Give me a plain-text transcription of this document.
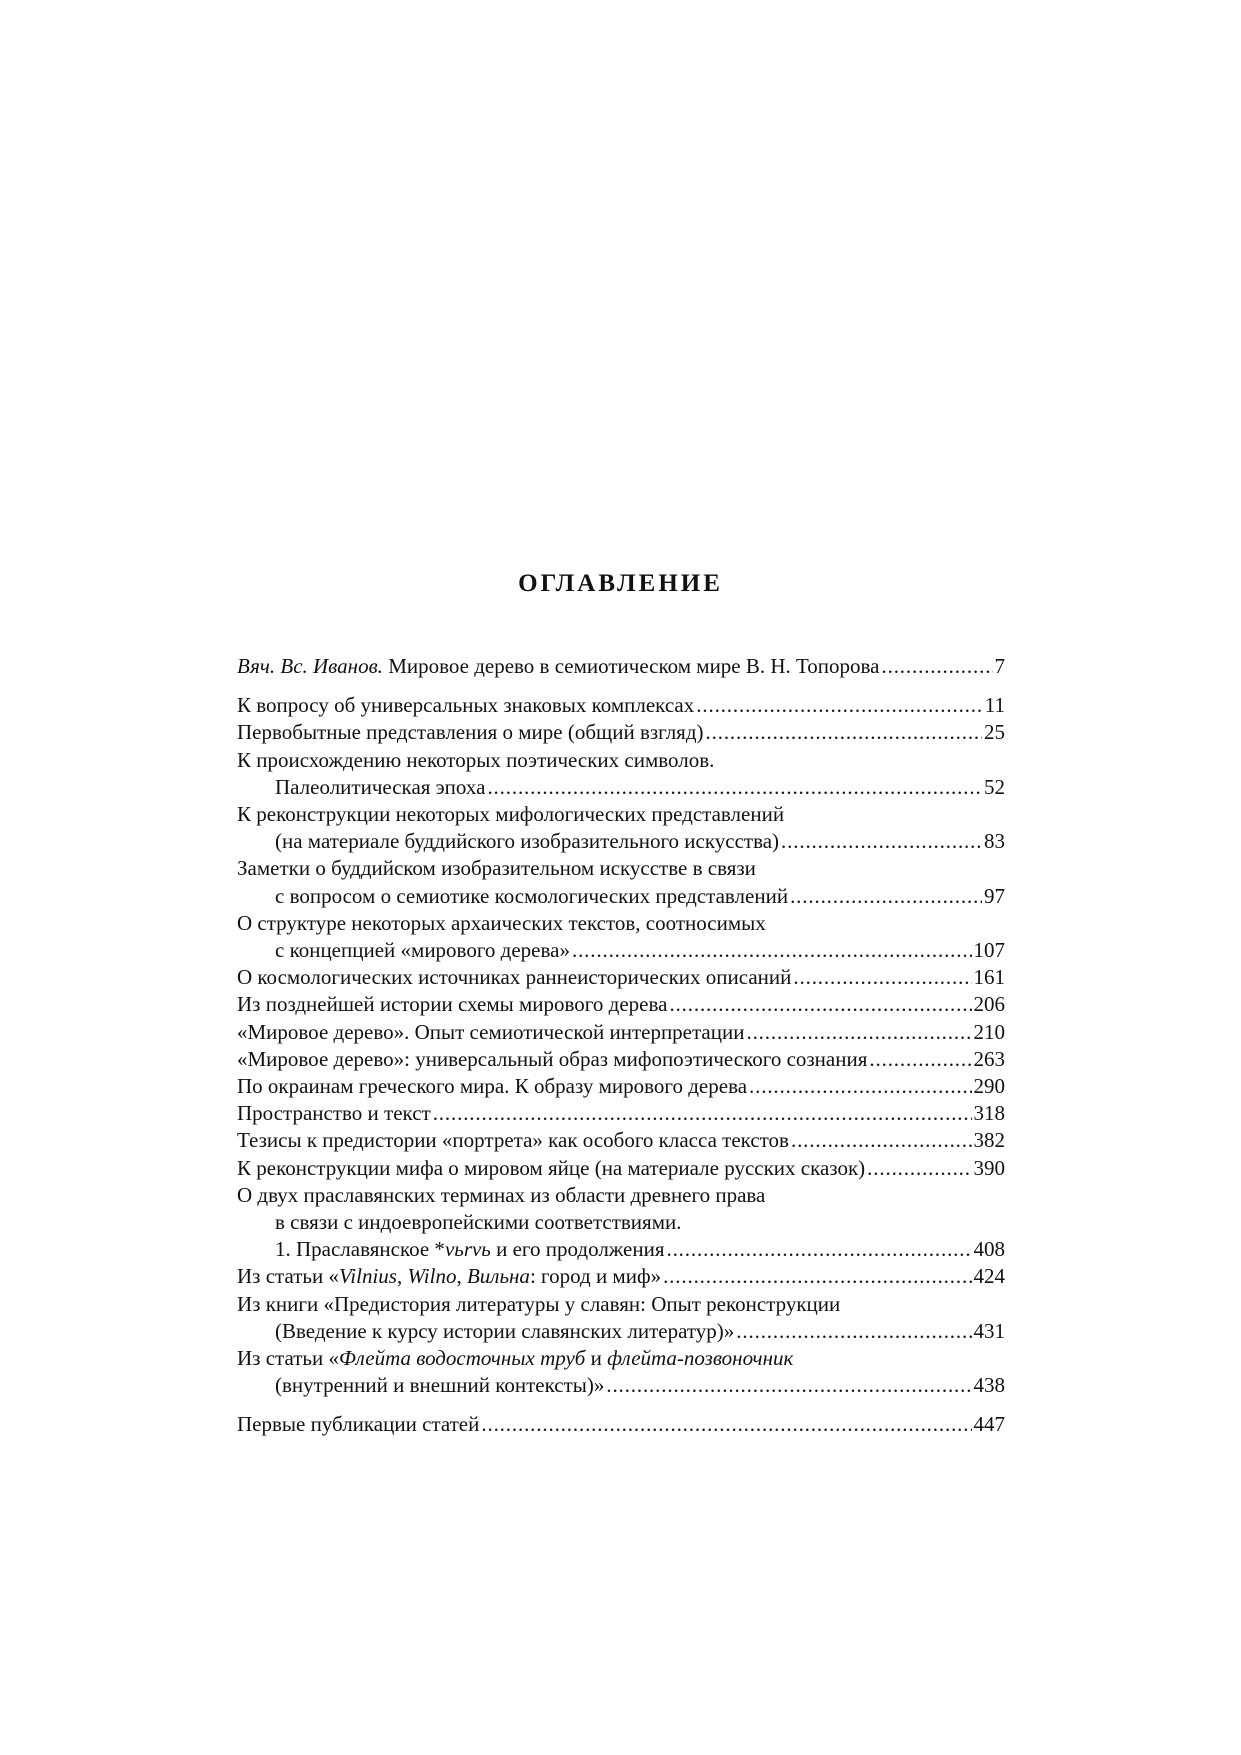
ОГЛАВЛЕНИЕ

Вяч. Вс. Иванов. Мировое дерево в семиотическом мире В. Н. Топорова . . .	7

К вопросу об универсальных знаковых комплексах . . .	11

Первобытные представления о мире (общий взгляд) . . .	25

К происхождению некоторых поэтических символов.

Палеолитическая эпоха . . .	52

К реконструкции некоторых мифологических представлений

(на материале буддийского изобразительного искусства) . . .	83

Заметки о буддийском изобразительном искусстве в связи

с вопросом о семиотике космологических представлений . . .	97

О структуре некоторых архаических текстов, соотносимых

с концепцией «мирового дерева» . . .	107

О космологических источниках раннеисторических описаний . . .	161

Из позднейшей истории схемы мирового дерева . . .	206

«Мировое дерево». Опыт семиотической интерпретации . . .	210

«Мировое дерево»: универсальный образ мифопоэтического сознания . . .	263

По окраинам греческого мира. К образу мирового дерева . . .	290

Пространство и текст . . .	318

Тезисы к предистории «портрета» как особого класса текстов . . .	382

К реконструкции мифа о мировом яйце (на материале русских сказок) . . .	390

О двух праславянских терминах из области древнего права

в связи с индоевропейскими соответствиями.

1. Праславянское *vьrvь и его продолжения . . .	408

Из статьи «Vilnius, Wilno, Вильна: город и миф» . . .	424

Из книги «Предистория литературы у славян: Опыт реконструкции

(Введение к курсу истории славянских литератур)» . . .	431

Из статьи «Флейта водосточных труб и флейта-позвоночник

(внутренний и внешний контексты)» . . .	438

Первые публикации статей . . .	447
